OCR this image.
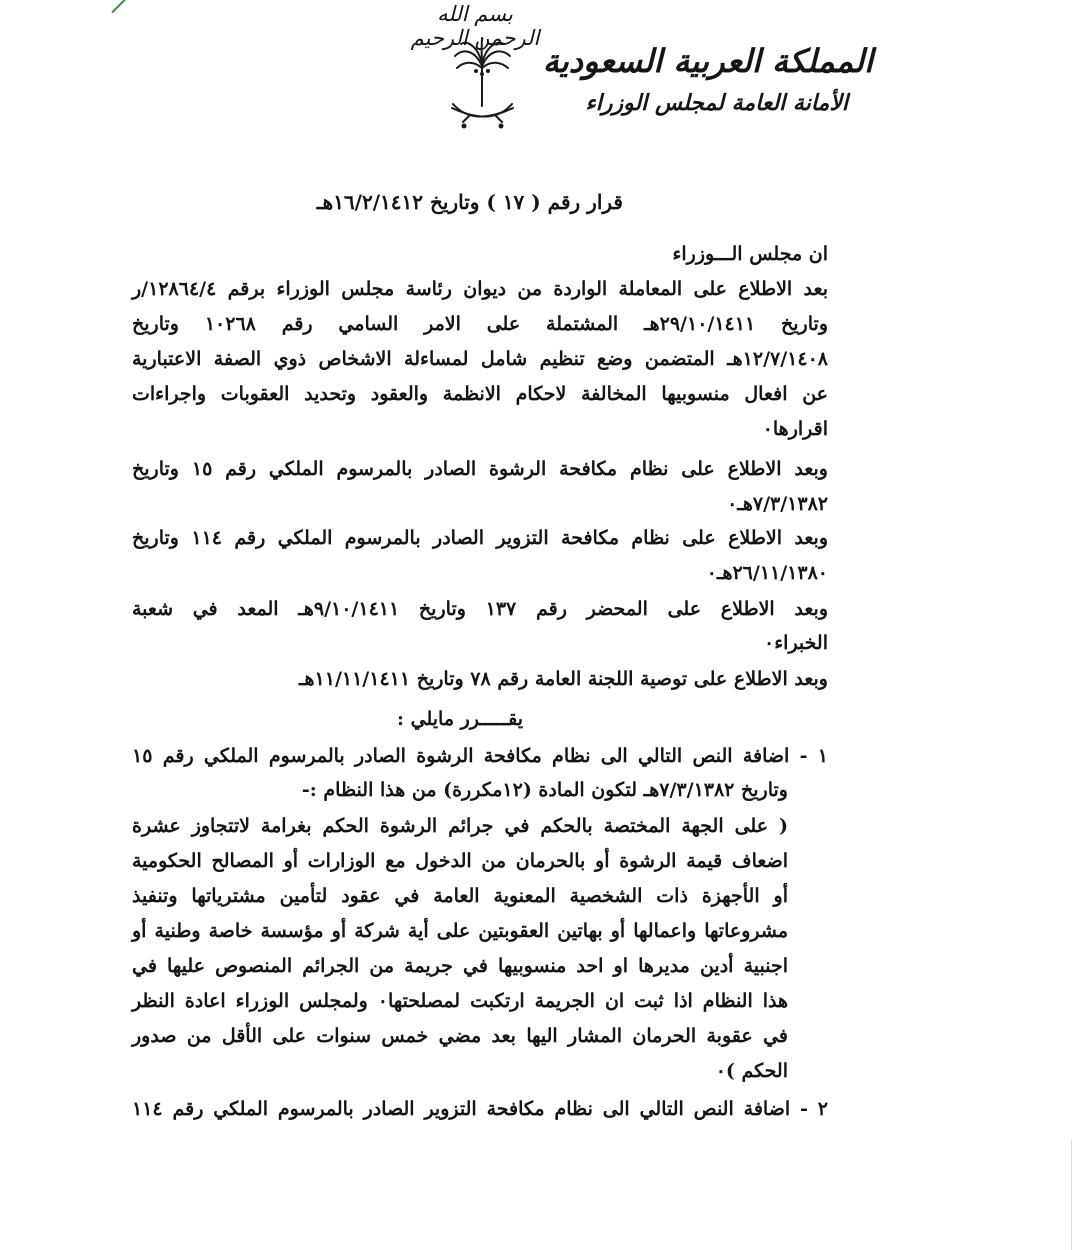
بسم الله الرحمن الرحيم
المملكة العربية السعودية
الأمانة العامة لمجلس الوزراء
قرار رقم ( ١٧ ) وتاريخ ١٦/٢/١٤١٢هـ
ان مجلس الـــوزراء
بعد الاطلاع على المعاملة الواردة من ديوان رئاسة مجلس الوزراء برقم ١٢٨٦٤/٤/ر
وتاريخ ٢٩/١٠/١٤١١هـ المشتملة على الامر السامي رقم ١٠٢٦٨ وتاريخ
١٢/٧/١٤٠٨هـ المتضمن وضع تنظيم شامل لمساءلة الاشخاص ذوي الصفة الاعتبارية
عن افعال منسوبيها المخالفة لاحكام الانظمة والعقود وتحديد العقوبات واجراءات
اقرارها٠
وبعد الاطلاع على نظام مكافحة الرشوة الصادر بالمرسوم الملكي رقم ١٥ وتاريخ
٧/٣/١٣٨٢هـ٠
وبعد الاطلاع على نظام مكافحة التزوير الصادر بالمرسوم الملكي رقم ١١٤ وتاريخ
٢٦/١١/١٣٨٠هـ٠
وبعد الاطلاع على المحضر رقم ١٣٧ وتاريخ ٩/١٠/١٤١١هـ المعد في شعبة
الخبراء٠
وبعد الاطلاع على توصية اللجنة العامة رقم ٧٨ وتاريخ ١١/١١/١٤١١هـ
يقـــــرر مايلي :
١ - اضافة النص التالي الى نظام مكافحة الرشوة الصادر بالمرسوم الملكي رقم ١٥
وتاريخ ٧/٣/١٣٨٢هـ لتكون المادة (١٢مكررة) من هذا النظام :-
( على الجهة المختصة بالحكم في جرائم الرشوة الحكم بغرامة لاتتجاوز عشرة
اضعاف قيمة الرشوة أو بالحرمان من الدخول مع الوزارات أو المصالح الحكومية
أو الأجهزة ذات الشخصية المعنوية العامة في عقود لتأمين مشترياتها وتنفيذ
مشروعاتها واعمالها أو بهاتين العقوبتين على أية شركة أو مؤسسة خاصة وطنية أو
اجنبية أدين مديرها او احد منسوبيها في جريمة من الجرائم المنصوص عليها في
هذا النظام اذا ثبت ان الجريمة ارتكبت لمصلحتها٠ ولمجلس الوزراء اعادة النظر
في عقوبة الحرمان المشار اليها بعد مضي خمس سنوات على الأقل من صدور
الحكم )٠
٢ - اضافة النص التالي الى نظام مكافحة التزوير الصادر بالمرسوم الملكي رقم ١١٤
